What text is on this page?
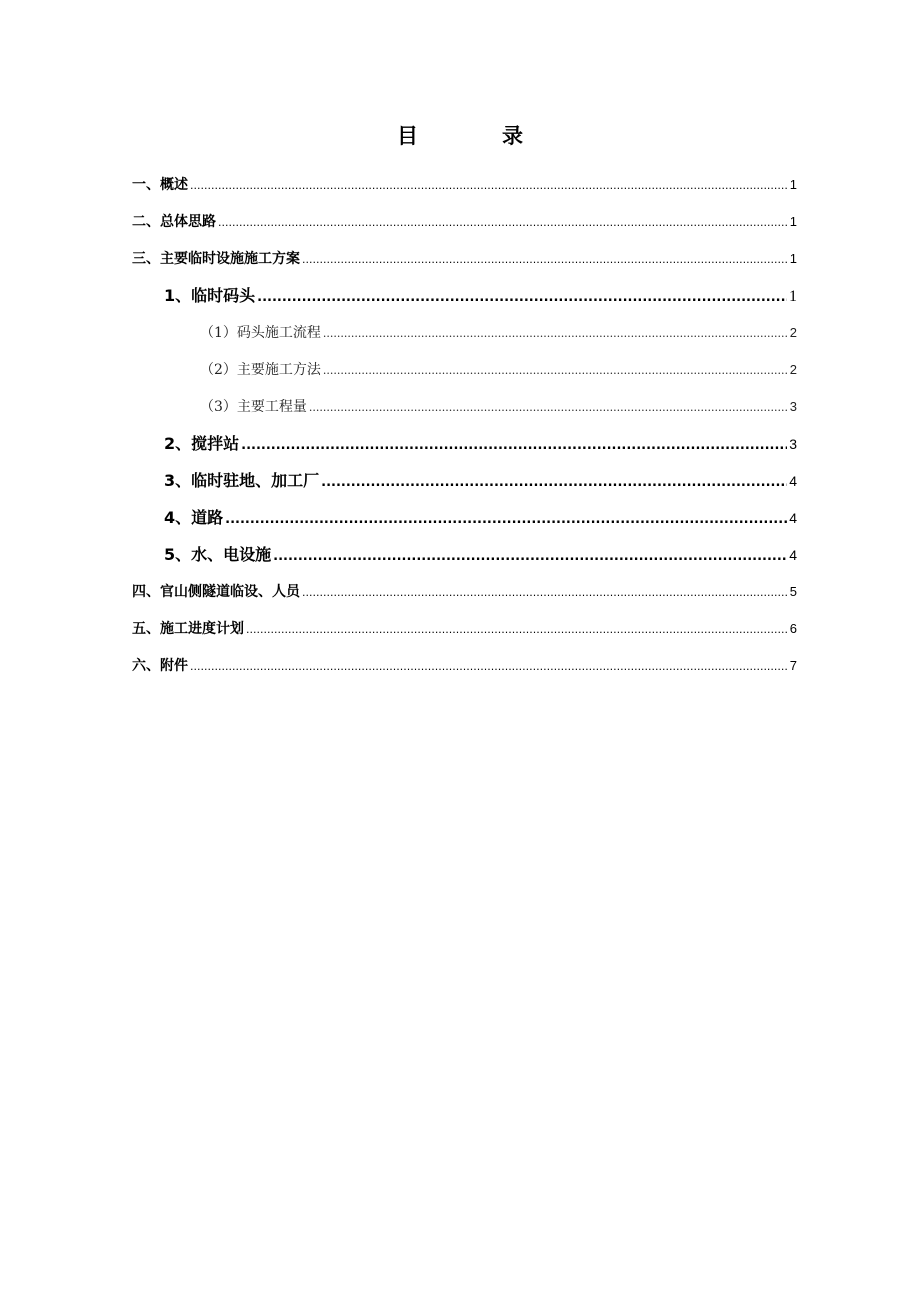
目	录
一、概述 .....	1
二、总体思路 .....	1
三、主要临时设施施工方案 .....	1
1、临时码头 .....	1
（1）码头施工流程 .....	2
（2）主要施工方法 .....	2
（3）主要工程量 .....	3
2、搅拌站 .....	3
3、临时驻地、加工厂 .....	4
4、道路 .....	4
5、水、电设施 .....	4
四、官山侧隧道临设、人员 .....	5
五、施工进度计划 .....	6
六、附件 .....	7
